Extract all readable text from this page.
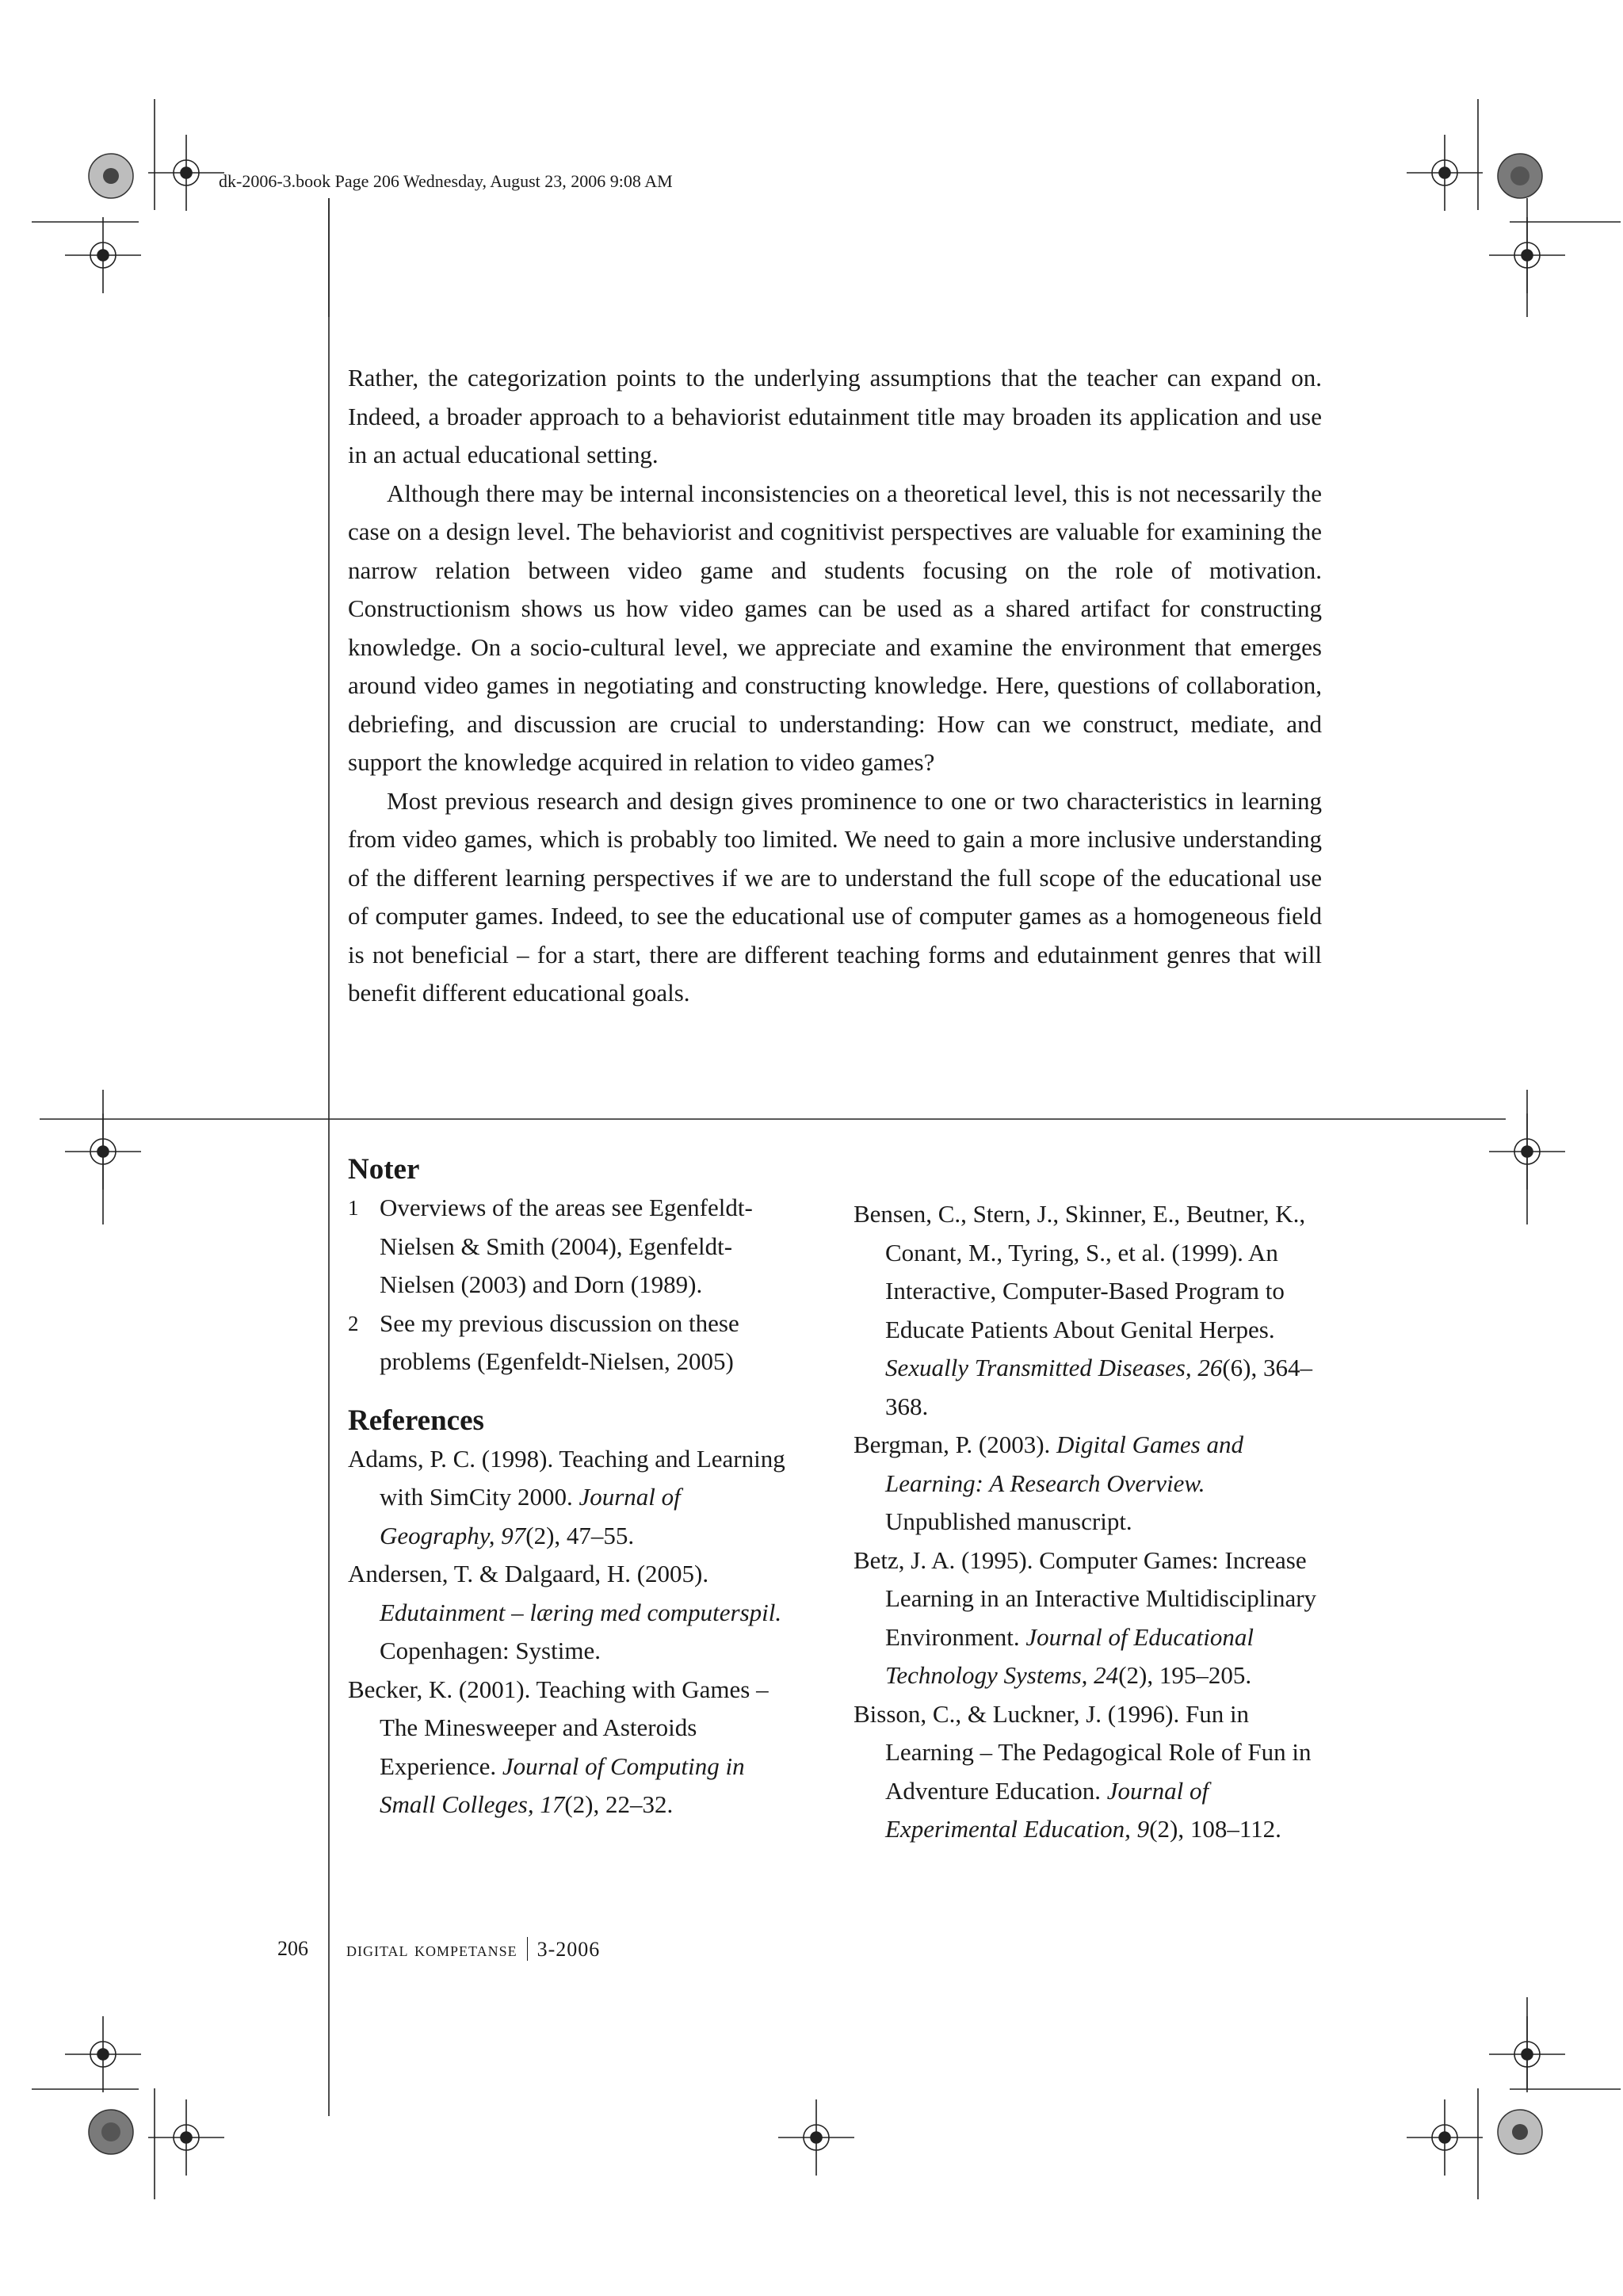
dk-2006-3.book Page 206 Wednesday, August 23, 2006 9:08 AM

Rather, the categorization points to the underlying assumptions that the teacher can expand on. Indeed, a broader approach to a behaviorist edutainment title may broaden its application and use in an actual educational setting.

Although there may be internal inconsistencies on a theoretical level, this is not necessarily the case on a design level. The behaviorist and cognitivist perspectives are valuable for examining the narrow relation between video game and students focusing on the role of motivation. Constructionism shows us how video games can be used as a shared artifact for constructing knowledge. On a socio-cultural level, we appreciate and examine the environment that emerges around video games in negotiating and constructing knowledge. Here, questions of collaboration, debriefing, and discussion are crucial to understanding: How can we construct, mediate, and support the knowledge acquired in relation to video games?

Most previous research and design gives prominence to one or two characteristics in learning from video games, which is probably too limited. We need to gain a more inclusive understanding of the different learning perspectives if we are to understand the full scope of the educational use of computer games. Indeed, to see the educational use of computer games as a homogeneous field is not beneficial – for a start, there are different teaching forms and edutainment genres that will benefit different educational goals.

Noter
1 Overviews of the areas see Egenfeldt-Nielsen & Smith (2004), Egenfeldt-Nielsen (2003) and Dorn (1989).
2 See my previous discussion on these problems (Egenfeldt-Nielsen, 2005)
References
Adams, P. C. (1998). Teaching and Learning with SimCity 2000. Journal of Geography, 97(2), 47–55.
Andersen, T. & Dalgaard, H. (2005). Edutainment – læring med computerspil. Copenhagen: Systime.
Becker, K. (2001). Teaching with Games – The Minesweeper and Asteroids Experience. Journal of Computing in Small Colleges, 17(2), 22–32.
Bensen, C., Stern, J., Skinner, E., Beutner, K., Conant, M., Tyring, S., et al. (1999). An Interactive, Computer-Based Program to Educate Patients About Genital Herpes. Sexually Transmitted Diseases, 26(6), 364–368.
Bergman, P. (2003). Digital Games and Learning: A Research Overview. Unpublished manuscript.
Betz, J. A. (1995). Computer Games: Increase Learning in an Interactive Multidisciplinary Environment. Journal of Educational Technology Systems, 24(2), 195–205.
Bisson, C., & Luckner, J. (1996). Fun in Learning – The Pedagogical Role of Fun in Adventure Education. Journal of Experimental Education, 9(2), 108–112.
206 digital kompetanse 3-2006
